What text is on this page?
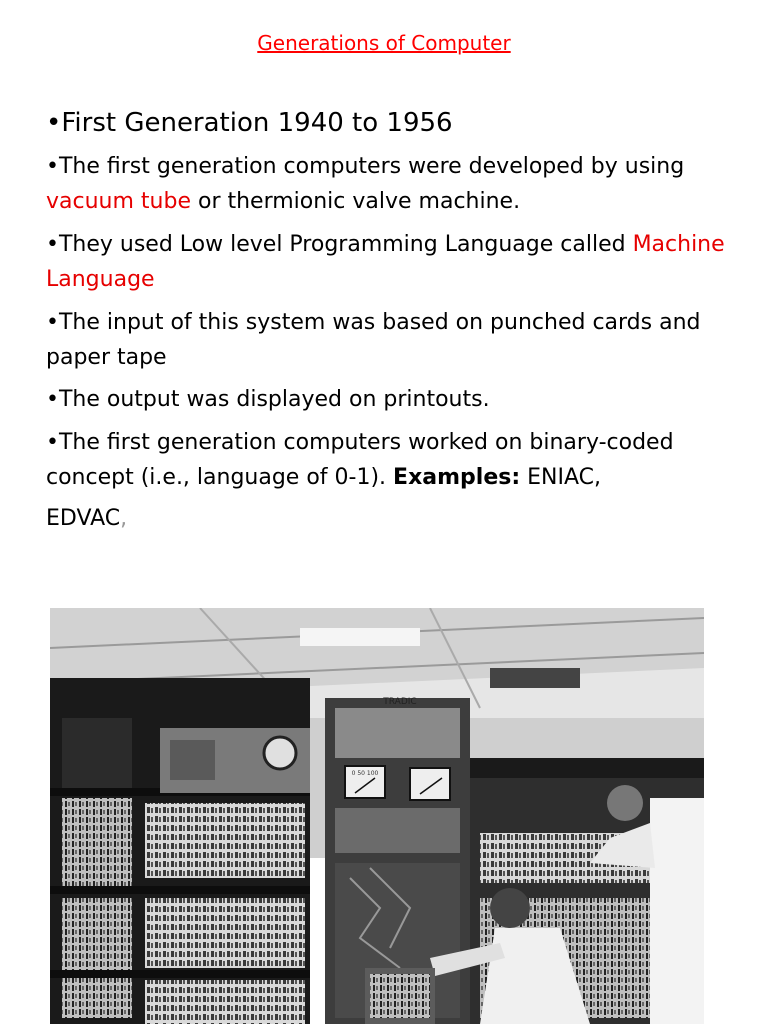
Generations of Computer
•First Generation 1940 to 1956
•The first generation computers were developed by using vacuum tube or thermionic valve machine.
•They used Low level Programming Language called Machine Language
•The input of this system was based on punched cards and paper tape
•The output was displayed on printouts.
•The first generation computers worked on binary-coded concept (i.e., language of 0-1). Examples: ENIAC,
EDVAC,
TRADIC
0 50 100
